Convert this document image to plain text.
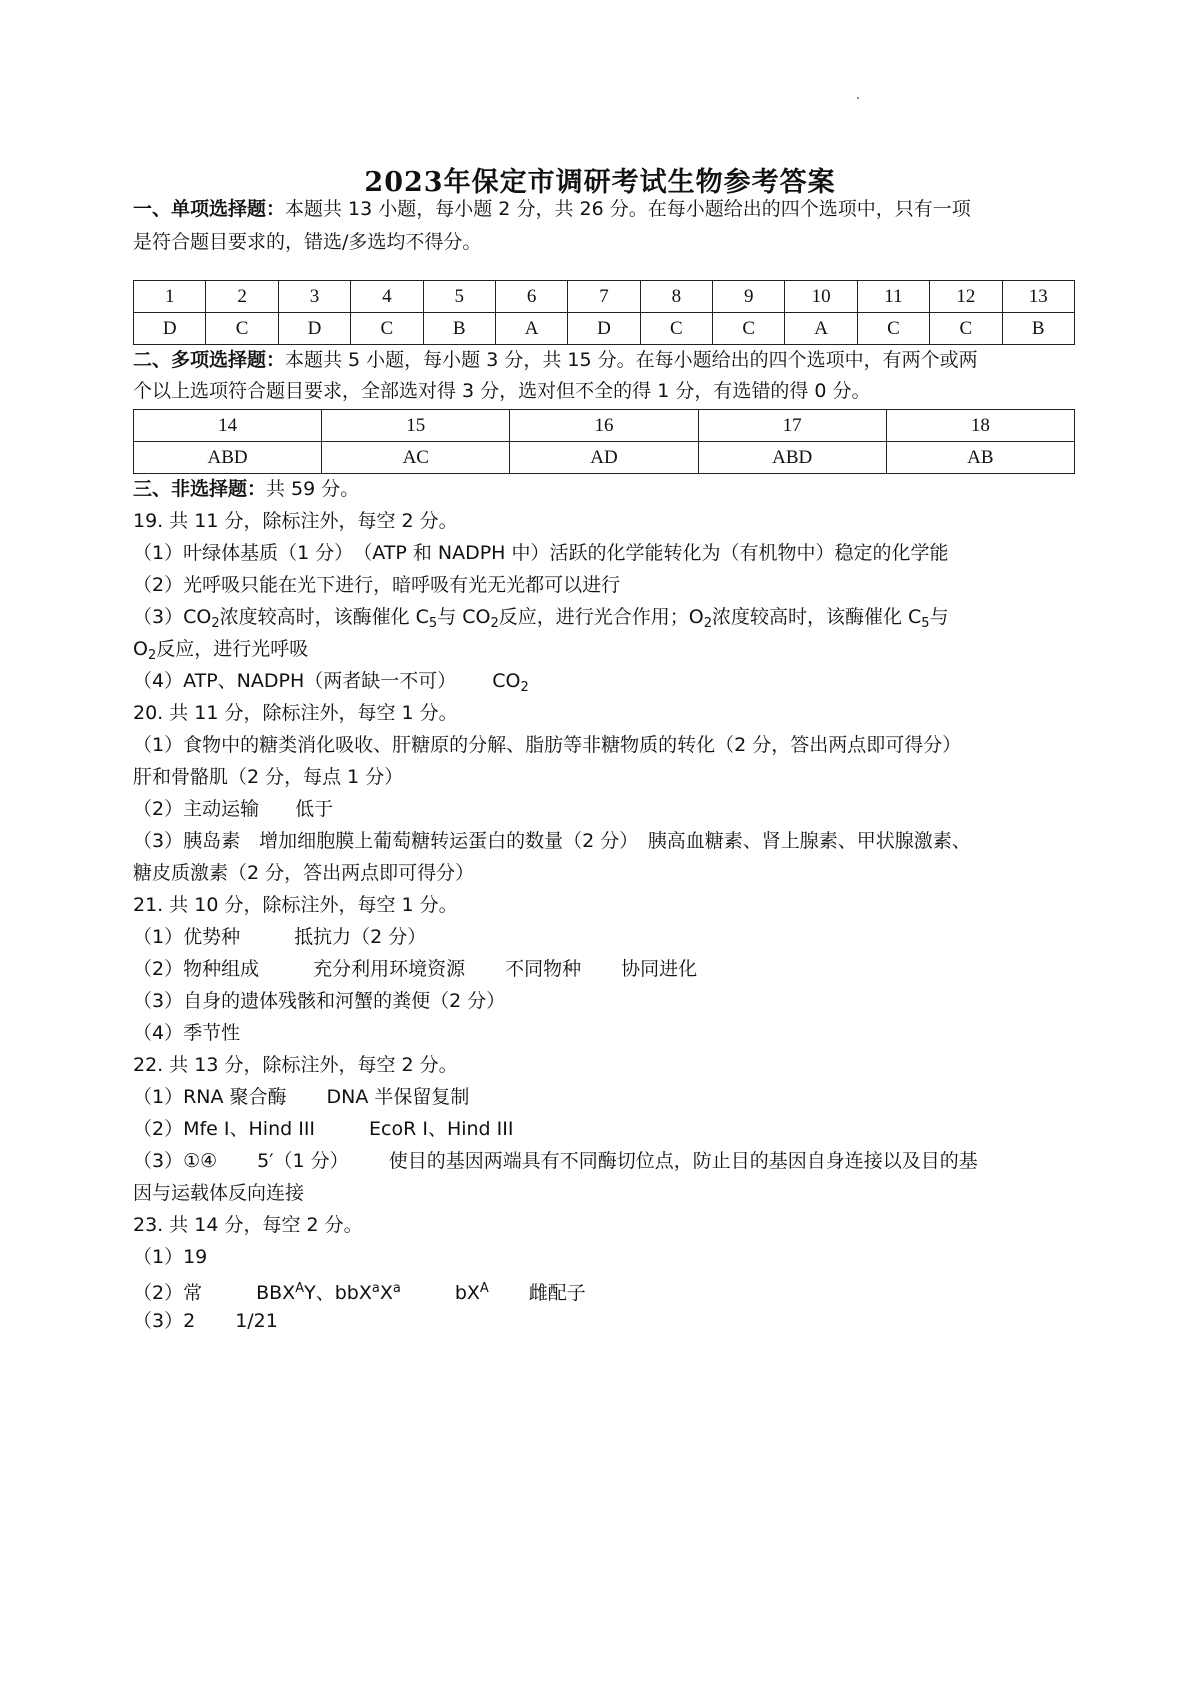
2023年保定市调研考试生物参考答案
一、单项选择题：本题共 13 小题，每小题 2 分，共 26 分。在每小题给出的四个选项中，只有一项
是符合题目要求的，错选/多选均不得分。
1	2	3	4	5	6	7	8	9	10	11	12	13
D	C	D	C	B	A	D	C	C	A	C	C	B
二、多项选择题：本题共 5 小题，每小题 3 分，共 15 分。在每小题给出的四个选项中，有两个或两
个以上选项符合题目要求，全部选对得 3 分，选对但不全的得 1 分，有选错的得 0 分。
14	15	16	17	18
ABD	AC	AD	ABD	AB
三、非选择题：共 59 分。
19. 共 11 分，除标注外，每空 2 分。
（1）叶绿体基质（1 分）　（ATP 和 NADPH 中）活跃的化学能转化为（有机物中）稳定的化学能
（2）光呼吸只能在光下进行，暗呼吸有光无光都可以进行
$(3)CO_2$浓度较高时，该酶催化 $C_5$与 $CO_2$反应，进行光合作用；$O_2$浓度较高时，该酶催化 $C_5$与
$O_2$反应，进行光呼吸
（4）ATP、NADPH（两者缺一不可） $CO_2$
20. 共 11 分，除标注外，每空 1 分。
（1）食物中的糖类消化吸收、肝糖原的分解、脂肪等非糖物质的转化（2 分，答出两点即可得分）
肝和骨骼肌（2 分，每点 1 分）
（2）主动运输 低于
（3）胰岛素　增加细胞膜上葡萄糖转运蛋白的数量（2 分）　胰高血糖素、肾上腺素、甲状腺激素、
糖皮质激素（2 分，答出两点即可得分）
21. 共 10 分，除标注外，每空 1 分。
（1）优势种	抵抗力（2 分）
（2）物种组成	充分利用环境资源 不同物种 协同进化
（3）自身的遗体残骸和河蟹的粪便（2 分）
（4）季节性
22. 共 13 分，除标注外，每空 2 分。
（1）RNA 聚合酶 DNA 半保留复制
（2）Mfe I、Hind III	EcoR I、Hind III
（3）①④ 5′（1 分） 使目的基因两端具有不同酶切位点，防止目的基因自身连接以及目的基
因与运载体反向连接
23. 共 14 分，每空 2 分。
（1）19
（2）常	$BBX^AY$、$bbX^aX^a$	$bX^A$ 雌配子
（3）2 1/21
